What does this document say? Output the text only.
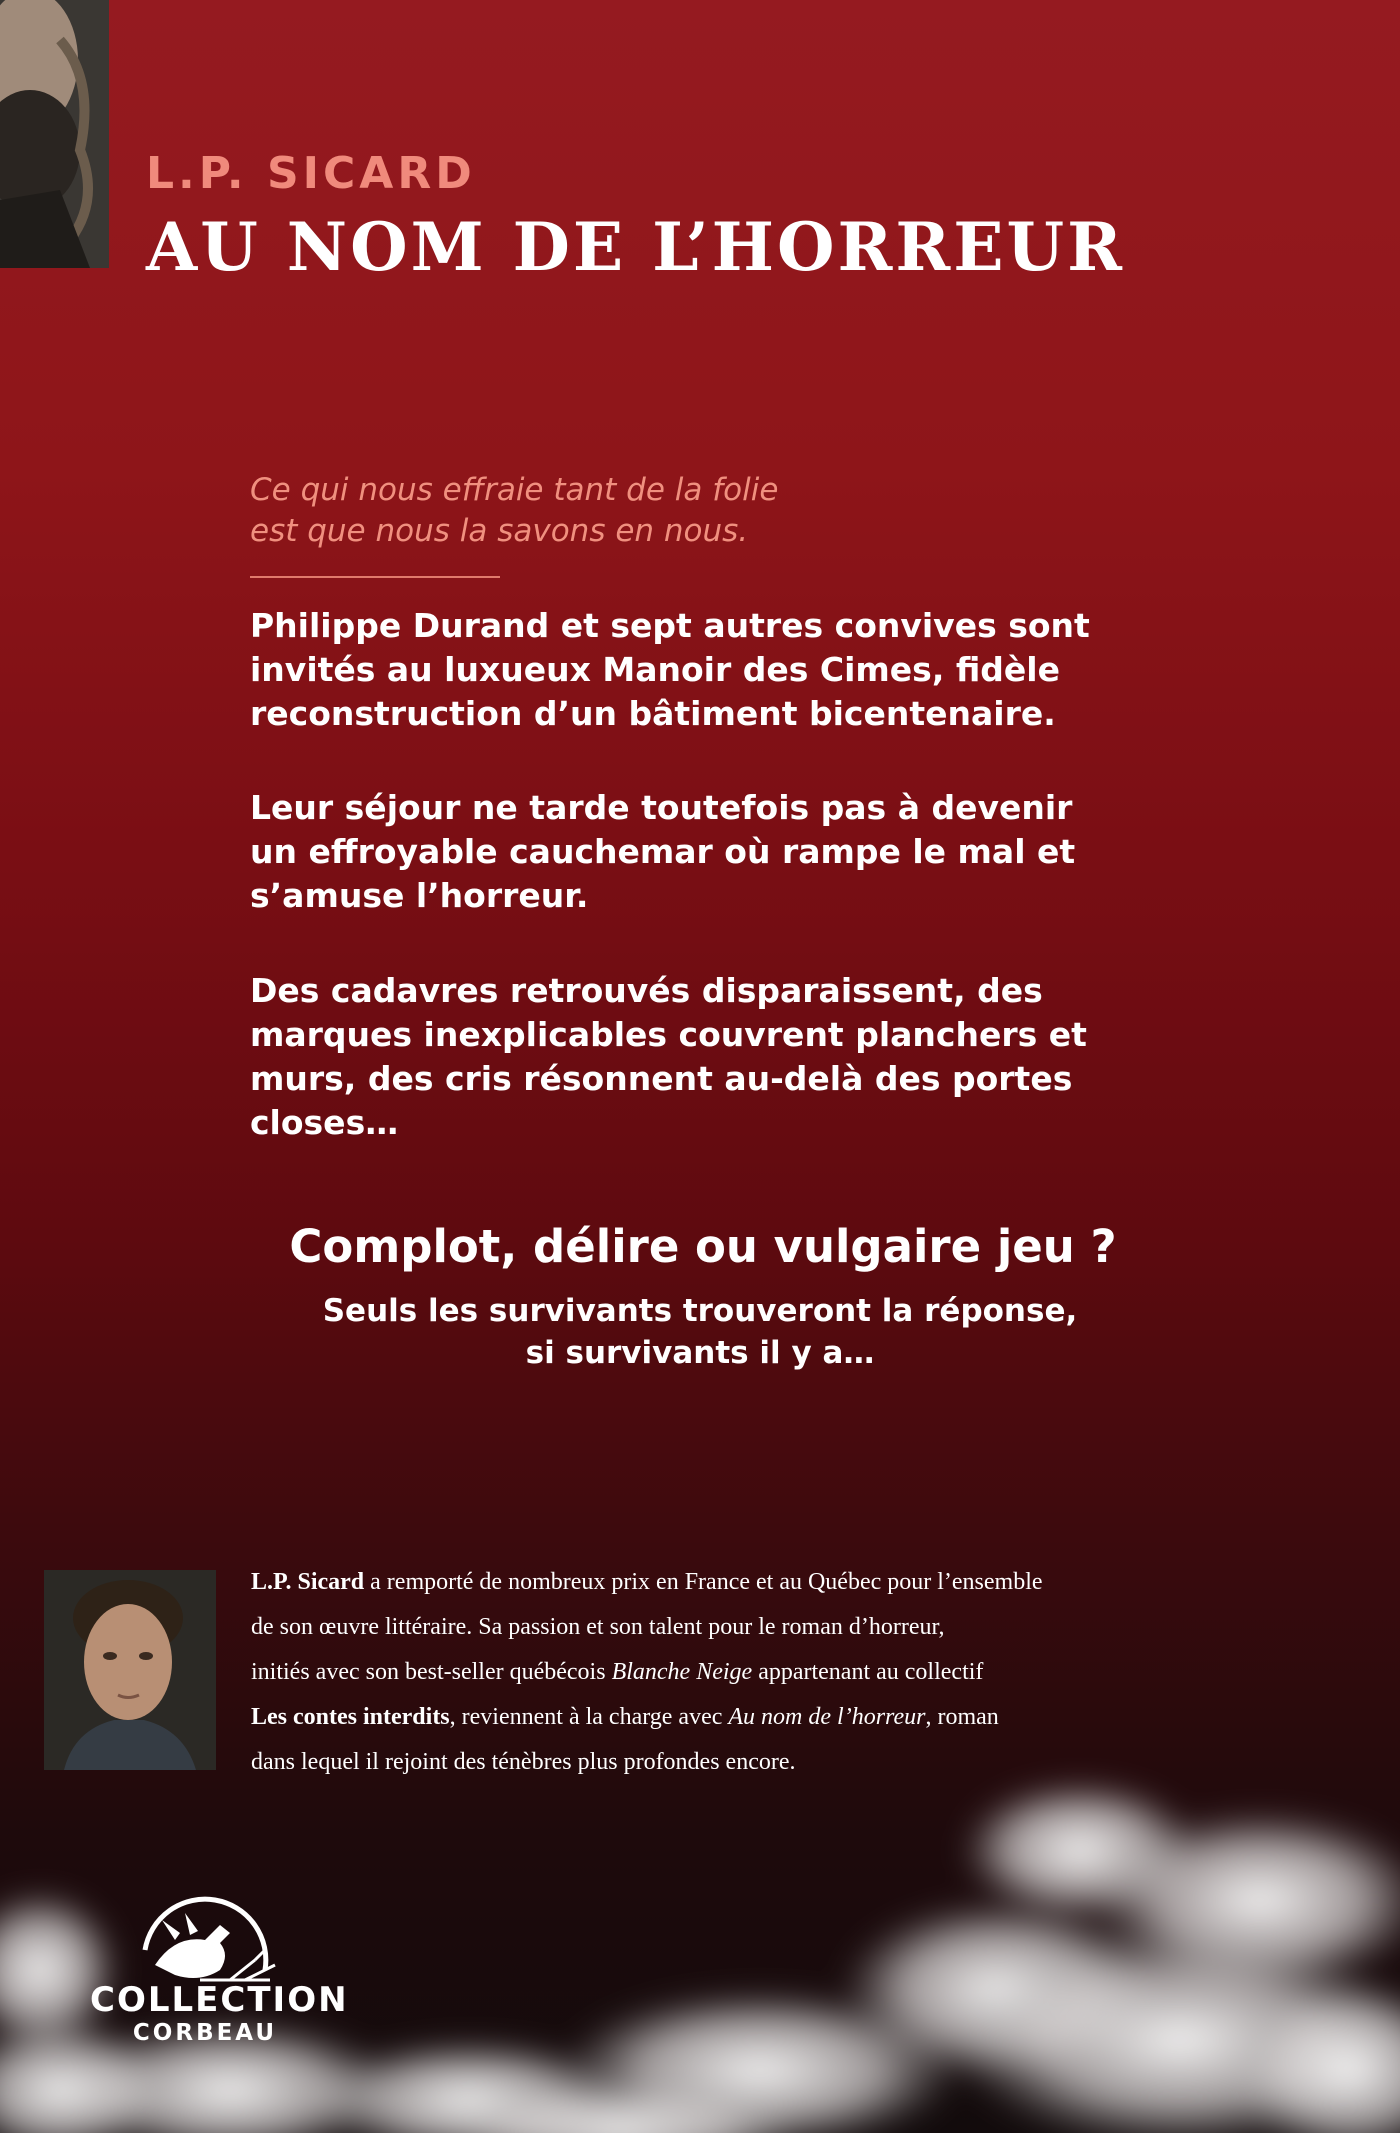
L.P. SICARD
AU NOM DE L’HORREUR
Ce qui nous effraie tant de la folie
est que nous la savons en nous.
Philippe Durand et sept autres convives sont
invités au luxueux Manoir des Cimes, fidèle
reconstruction d’un bâtiment bicentenaire.
Leur séjour ne tarde toutefois pas à devenir
un effroyable cauchemar où rampe le mal et
s’amuse l’horreur.
Des cadavres retrouvés disparaissent, des
marques inexplicables couvrent planchers et
murs, des cris résonnent au-delà des portes
closes…
Complot, délire ou vulgaire jeu ?
Seuls les survivants trouveront la réponse,
si survivants il y a…
L.P. Sicard a remporté de nombreux prix en France et au Québec pour l’ensemble
de son œuvre littéraire. Sa passion et son talent pour le roman d’horreur,
initiés avec son best-seller québécois Blanche Neige appartenant au collectif
Les contes interdits, reviennent à la charge avec Au nom de l’horreur, roman
dans lequel il rejoint des ténèbres plus profondes encore.
COLLECTION
CORBEAU
